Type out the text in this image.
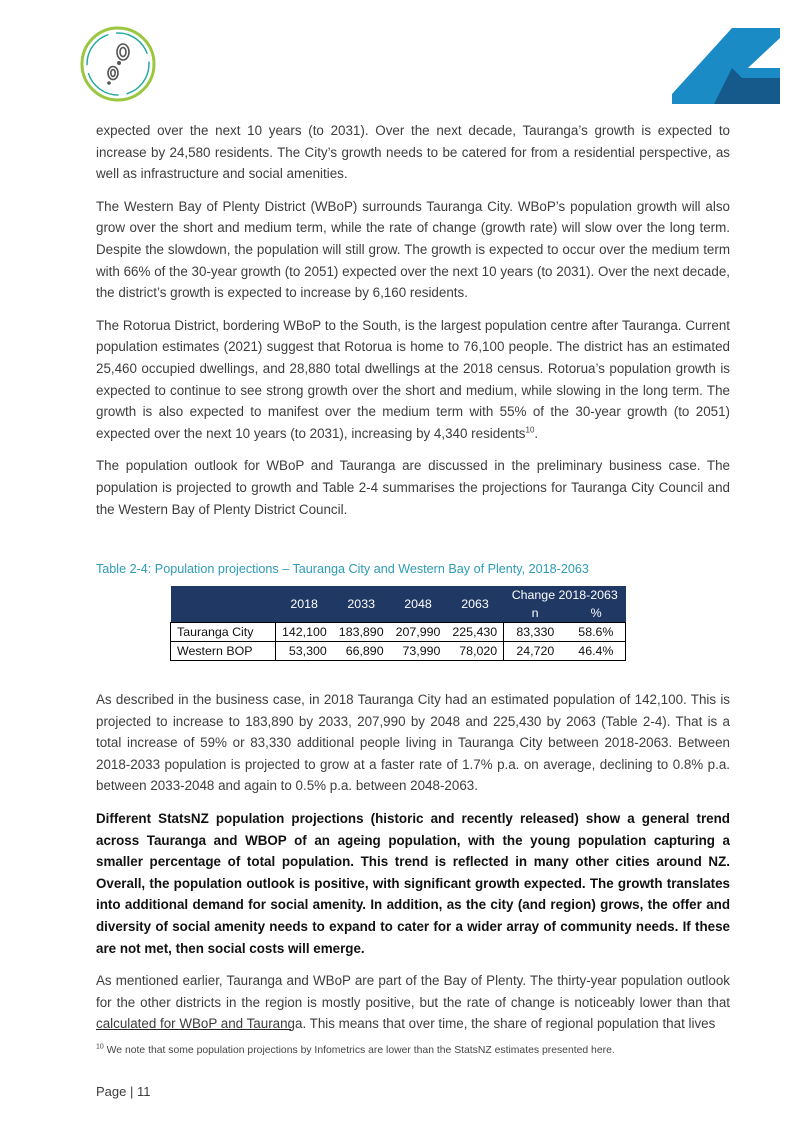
expected over the next 10 years (to 2031). Over the next decade, Tauranga’s growth is expected to increase by 24,580 residents. The City’s growth needs to be catered for from a residential perspective, as well as infrastructure and social amenities.

The Western Bay of Plenty District (WBoP) surrounds Tauranga City. WBoP’s population growth will also grow over the short and medium term, while the rate of change (growth rate) will slow over the long term. Despite the slowdown, the population will still grow. The growth is expected to occur over the medium term with 66% of the 30-year growth (to 2051) expected over the next 10 years (to 2031). Over the next decade, the district’s growth is expected to increase by 6,160 residents.

The Rotorua District, bordering WBoP to the South, is the largest population centre after Tauranga. Current population estimates (2021) suggest that Rotorua is home to 76,100 people. The district has an estimated 25,460 occupied dwellings, and 28,880 total dwellings at the 2018 census. Rotorua’s population growth is expected to continue to see strong growth over the short and medium, while slowing in the long term. The growth is also expected to manifest over the medium term with 55% of the 30-year growth (to 2051) expected over the next 10 years (to 2031), increasing by 4,340 residents$^{10}$.

The population outlook for WBoP and Tauranga are discussed in the preliminary business case. The population is projected to growth and Table 2-4 summarises the projections for Tauranga City Council and the Western Bay of Plenty District Council.

Table 2-4: Population projections – Tauranga City and Western Bay of Plenty, 2018-2063
	2018	2033	2048	2063	Change 2018-2063	
					n	%
Tauranga City	142,100	183,890	207,990	225,430	83,330	58.6%
Western BOP	53,300	66,890	73,990	78,020	24,720	46.4%

As described in the business case, in 2018 Tauranga City had an estimated population of 142,100. This is projected to increase to 183,890 by 2033, 207,990 by 2048 and 225,430 by 2063 (Table 2-4). That is a total increase of 59% or 83,330 additional people living in Tauranga City between 2018-2063. Between 2018-2033 population is projected to grow at a faster rate of 1.7% p.a. on average, declining to 0.8% p.a. between 2033-2048 and again to 0.5% p.a. between 2048-2063.

Different StatsNZ population projections (historic and recently released) show a general trend across Tauranga and WBOP of an ageing population, with the young population capturing a smaller percentage of total population. This trend is reflected in many other cities around NZ. Overall, the population outlook is positive, with significant growth expected. The growth translates into additional demand for social amenity. In addition, as the city (and region) grows, the offer and diversity of social amenity needs to expand to cater for a wider array of community needs. If these are not met, then social costs will emerge.

As mentioned earlier, Tauranga and WBoP are part of the Bay of Plenty. The thirty-year population outlook for the other districts in the region is mostly positive, but the rate of change is noticeably lower than that calculated for WBoP and Tauranga. This means that over time, the share of regional population that lives

$^{10}$ We note that some population projections by Infometrics are lower than the StatsNZ estimates presented here.
Page | 11
